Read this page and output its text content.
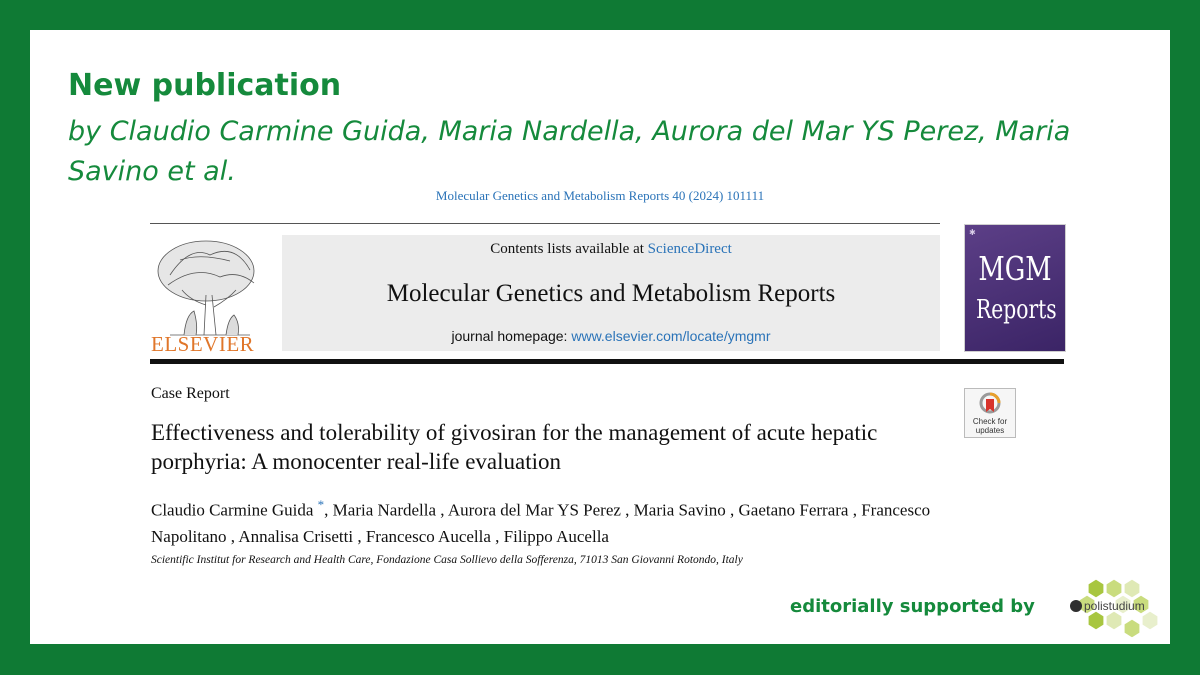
New publication
by Claudio Carmine Guida, Maria Nardella, Aurora del Mar YS Perez, Maria Savino et al.
Molecular Genetics and Metabolism Reports 40 (2024) 101111
ELSEVIER
Contents lists available at ScienceDirect
Molecular Genetics and Metabolism Reports
journal homepage: www.elsevier.com/locate/ymgmr
✱
MGM
Reports
Case Report
Check for
updates
Effectiveness and tolerability of givosiran for the management of acute hepatic porphyria: A monocenter real-life evaluation
Claudio Carmine Guida *, Maria Nardella , Aurora del Mar YS Perez , Maria Savino , Gaetano Ferrara , Francesco Napolitano , Annalisa Crisetti , Francesco Aucella , Filippo Aucella
Scientific Institut for Research and Health Care, Fondazione Casa Sollievo della Sofferenza, 71013 San Giovanni Rotondo, Italy
editorially supported by	polistudium
